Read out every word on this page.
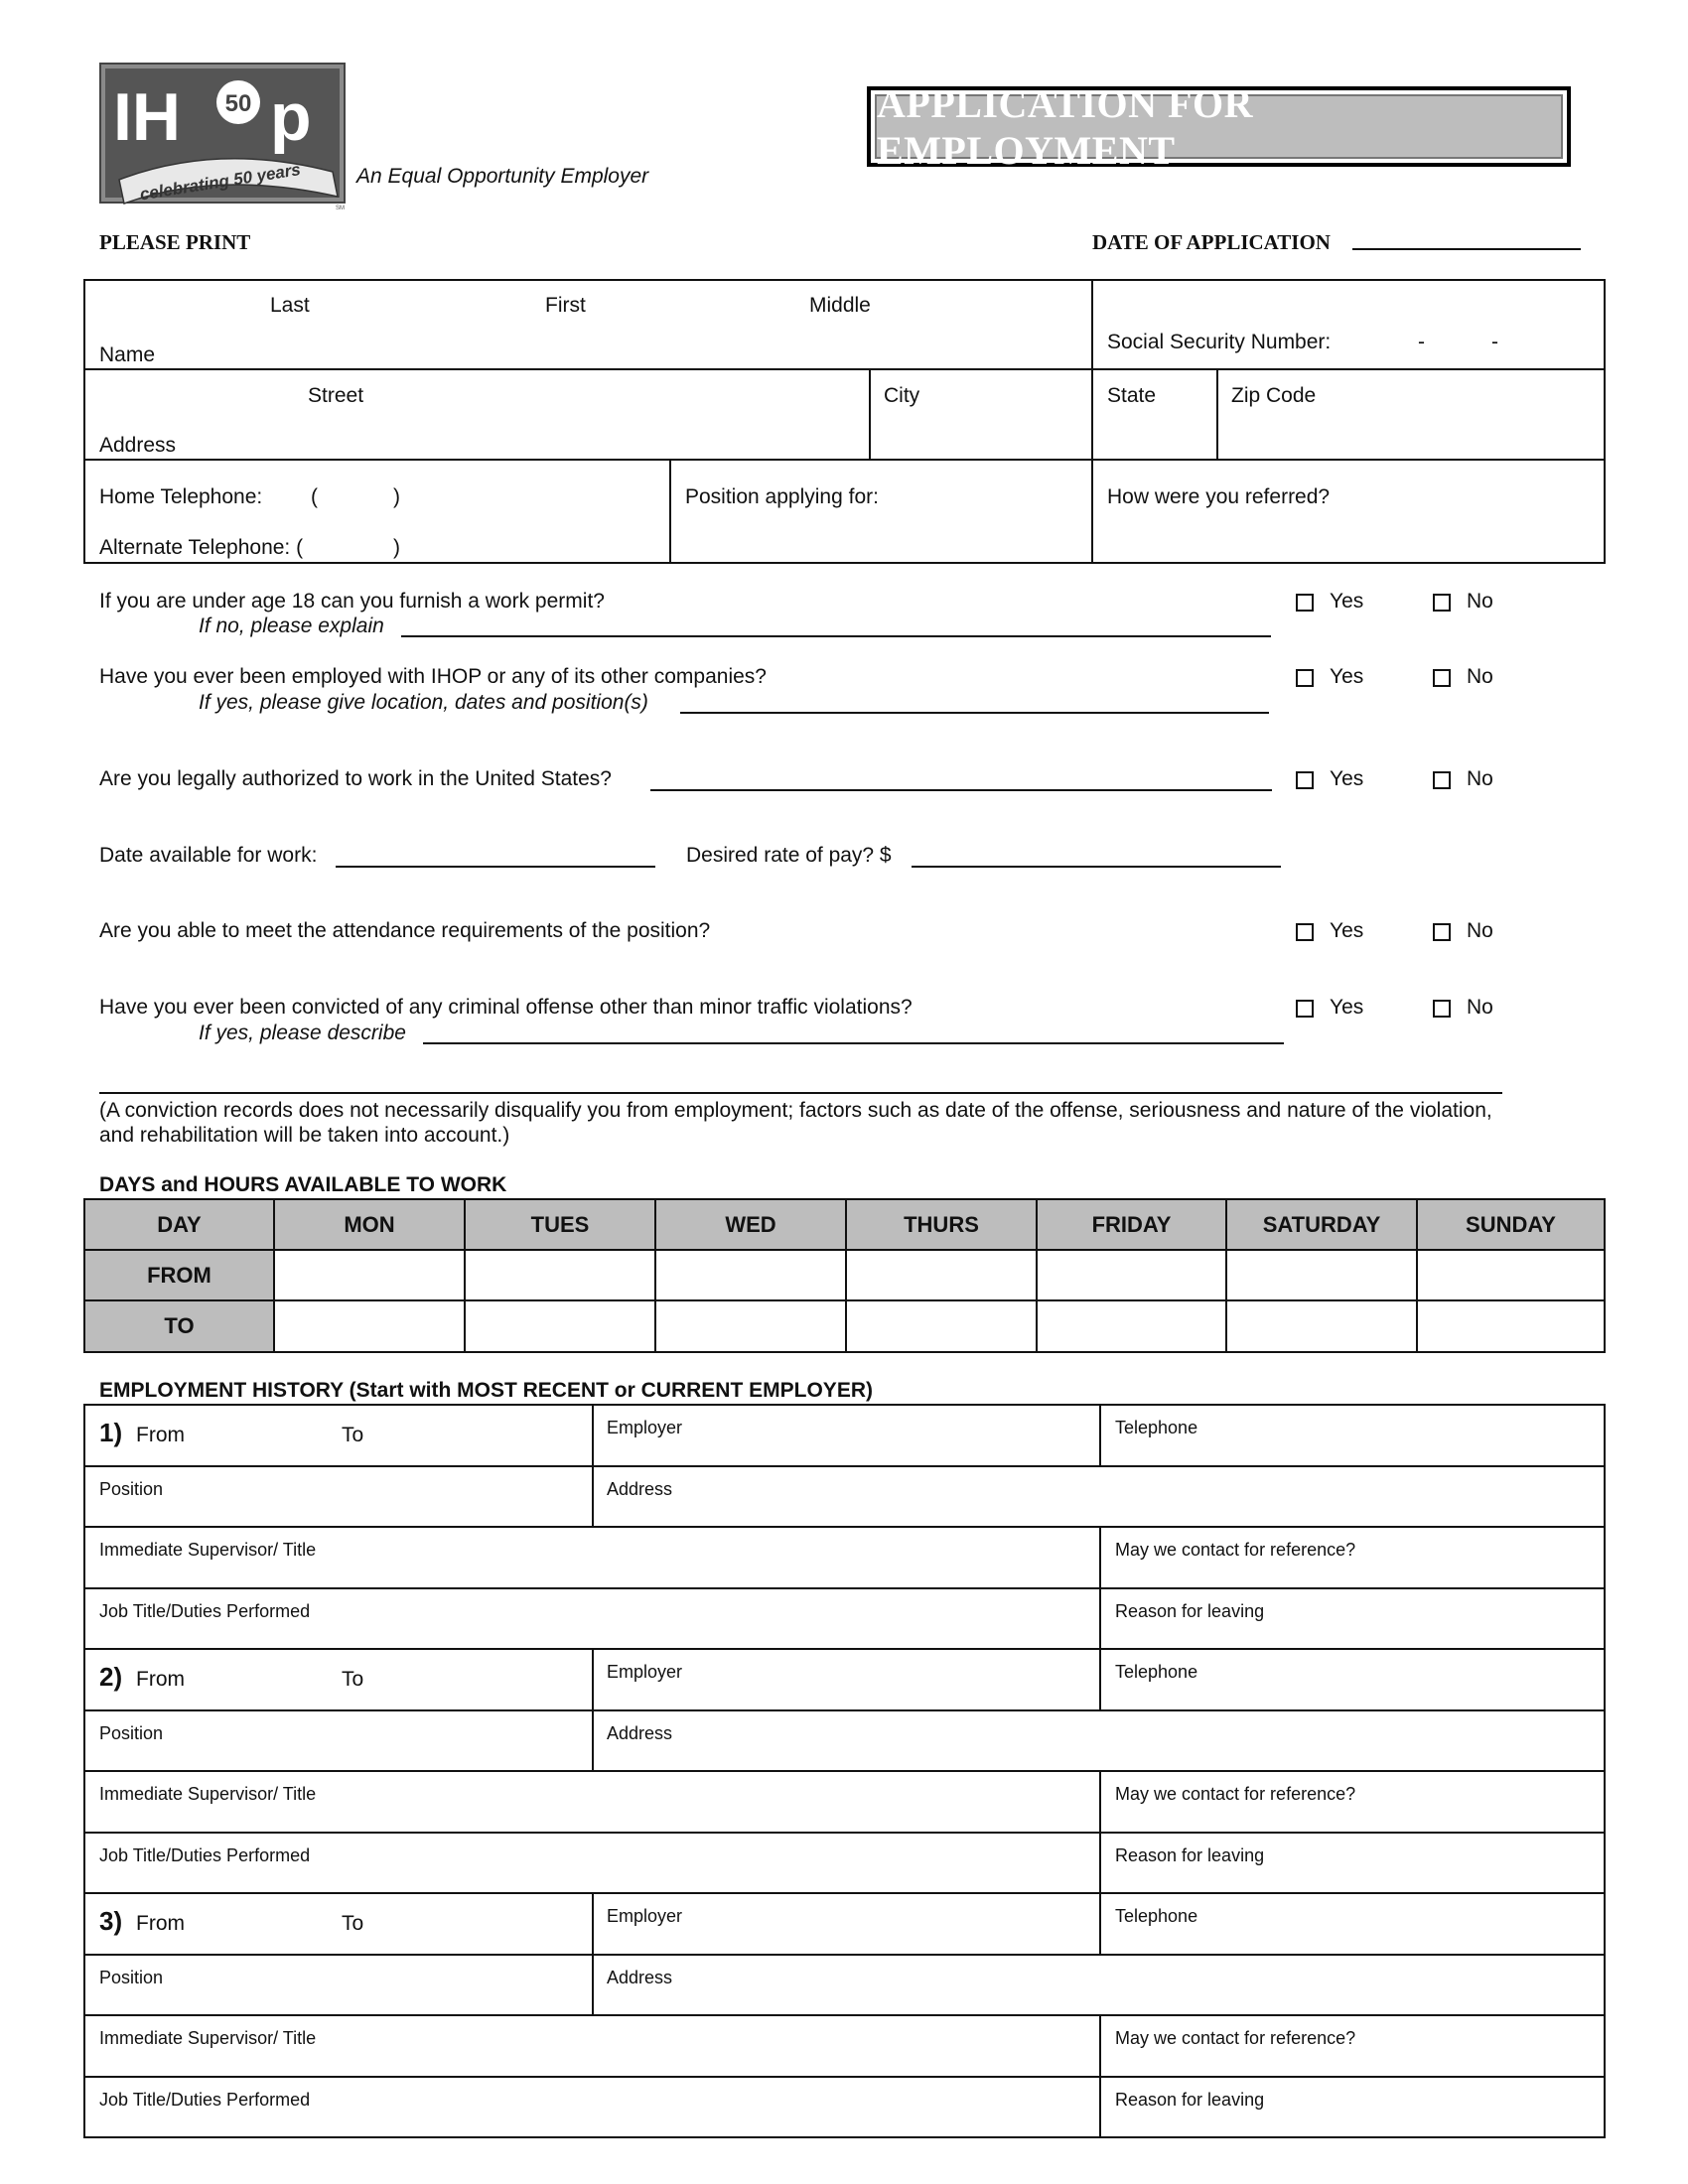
50
IH p
celebrating 50 years
SM
An Equal Opportunity Employer
APPLICATION FOR EMPLOYMENT
PLEASE PRINT	DATE OF APPLICATION
Last	First	Middle
Name
Social Security Number:	-	-
Street
Address
City	State	Zip Code
Home Telephone: (	)
Alternate Telephone: (	)
Position applying for:	How were you referred?
If you are under age 18 can you furnish a work permit?
If no, please explain
Yes	No
Have you ever been employed with IHOP or any of its other companies?
If yes, please give location, dates and position(s)
Yes	No
Are you legally authorized to work in the United States?	Yes	No
Date available for work:	Desired rate of pay? $
Are you able to meet the attendance requirements of the position?	Yes	No
Have you ever been convicted of any criminal offense other than minor traffic violations?
If yes, please describe
Yes	No
(A conviction records does not necessarily disqualify you from employment; factors such as date of the offense, seriousness and nature of the violation,
and rehabilitation will be taken into account.)
DAYS and HOURS AVAILABLE TO WORK
DAY	MON	TUES	WED	THURS	FRIDAY	SATURDAY	SUNDAY
FROM
TO
EMPLOYMENT HISTORY (Start with MOST RECENT or CURRENT EMPLOYER)
1) From	To	Employer	Telephone
Position	Address
Immediate Supervisor/ Title	May we contact for reference?
Job Title/Duties Performed	Reason for leaving
2) From	To	Employer	Telephone
Position	Address
Immediate Supervisor/ Title	May we contact for reference?
Job Title/Duties Performed	Reason for leaving
3) From	To	Employer	Telephone
Position	Address
Immediate Supervisor/ Title	May we contact for reference?
Job Title/Duties Performed	Reason for leaving
